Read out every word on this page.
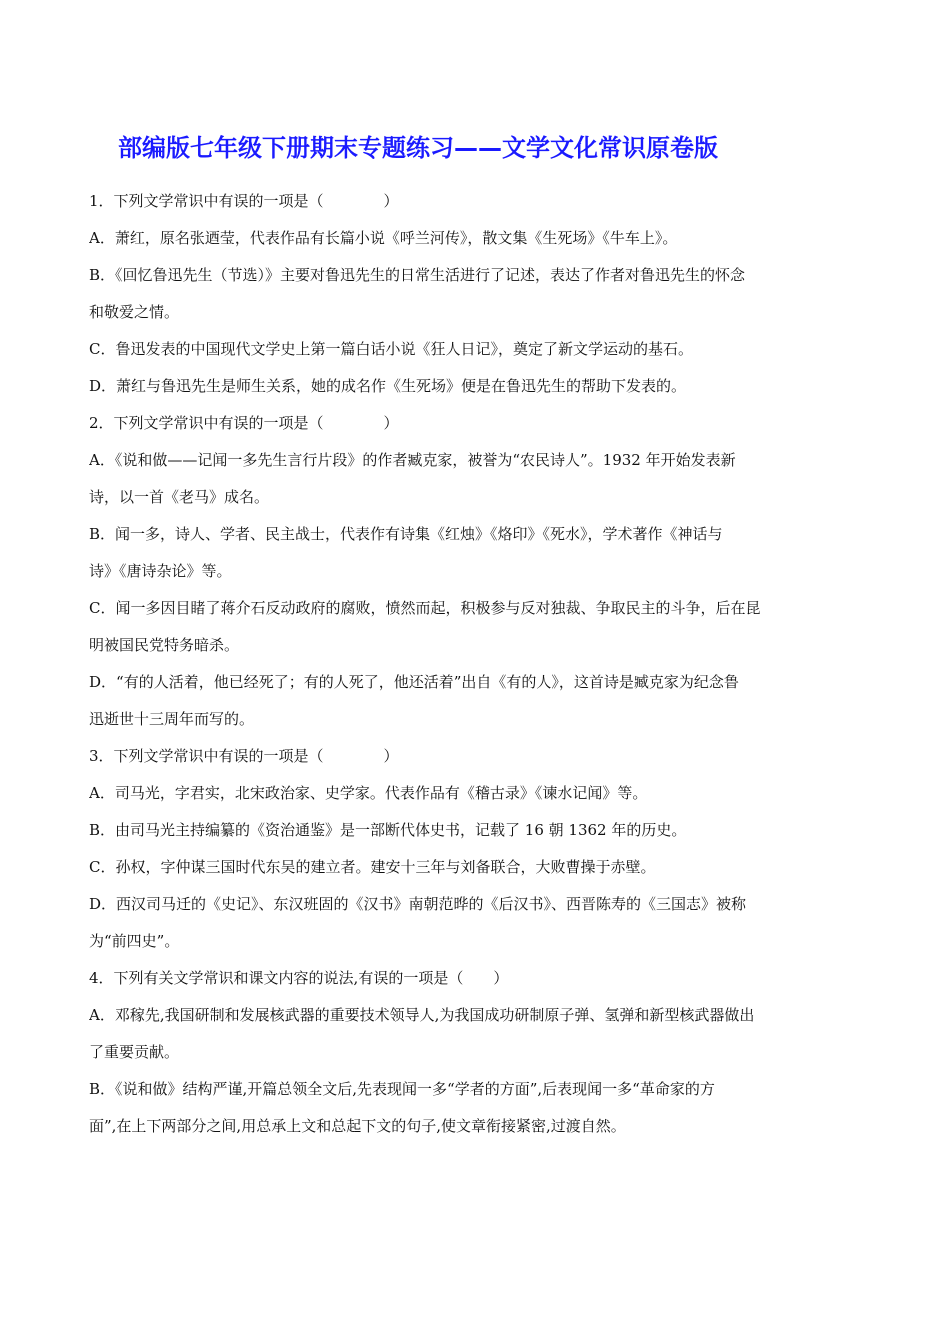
部编版七年级下册期末专题练习——文学文化常识原卷版
1．下列文学常识中有误的一项是（　　　　）
A．萧红，原名张迺莹，代表作品有长篇小说《呼兰河传》，散文集《生死场》《牛车上》。
B．《回忆鲁迅先生（节选）》主要对鲁迅先生的日常生活进行了记述，表达了作者对鲁迅先生的怀念
和敬爱之情。
C．鲁迅发表的中国现代文学史上第一篇白话小说《狂人日记》，奠定了新文学运动的基石。
D．萧红与鲁迅先生是师生关系，她的成名作《生死场》便是在鲁迅先生的帮助下发表的。
2．下列文学常识中有误的一项是（　　　　）
A．《说和做——记闻一多先生言行片段》的作者臧克家，被誉为“农民诗人”。1932 年开始发表新
诗，以一首《老马》成名。
B．闻一多，诗人、学者、民主战士，代表作有诗集《红烛》《烙印》《死水》，学术著作《神话与
诗》《唐诗杂论》等。
C．闻一多因目睹了蒋介石反动政府的腐败，愤然而起，积极参与反对独裁、争取民主的斗争，后在昆
明被国民党特务暗杀。
D．“有的人活着，他已经死了；有的人死了，他还活着”出自《有的人》，这首诗是臧克家为纪念鲁
迅逝世十三周年而写的。
3．下列文学常识中有误的一项是（　　　　）
A．司马光，字君实，北宋政治家、史学家。代表作品有《稽古录》《谏水记闻》等。
B．由司马光主持编纂的《资治通鉴》是一部断代体史书，记载了 16 朝 1362 年的历史。
C．孙权，字仲谋三国时代东吴的建立者。建安十三年与刘备联合，大败曹操于赤壁。
D．西汉司马迁的《史记》、东汉班固的《汉书》南朝范晔的《后汉书》、西晋陈寿的《三国志》被称
为“前四史”。
4．下列有关文学常识和课文内容的说法,有误的一项是（　　）
A．邓稼先,我国研制和发展核武器的重要技术领导人,为我国成功研制原子弹、氢弹和新型核武器做出
了重要贡献。
B．《说和做》结构严谨,开篇总领全文后,先表现闻一多“学者的方面”,后表现闻一多“革命家的方
面”,在上下两部分之间,用总承上文和总起下文的句子,使文章衔接紧密,过渡自然。
